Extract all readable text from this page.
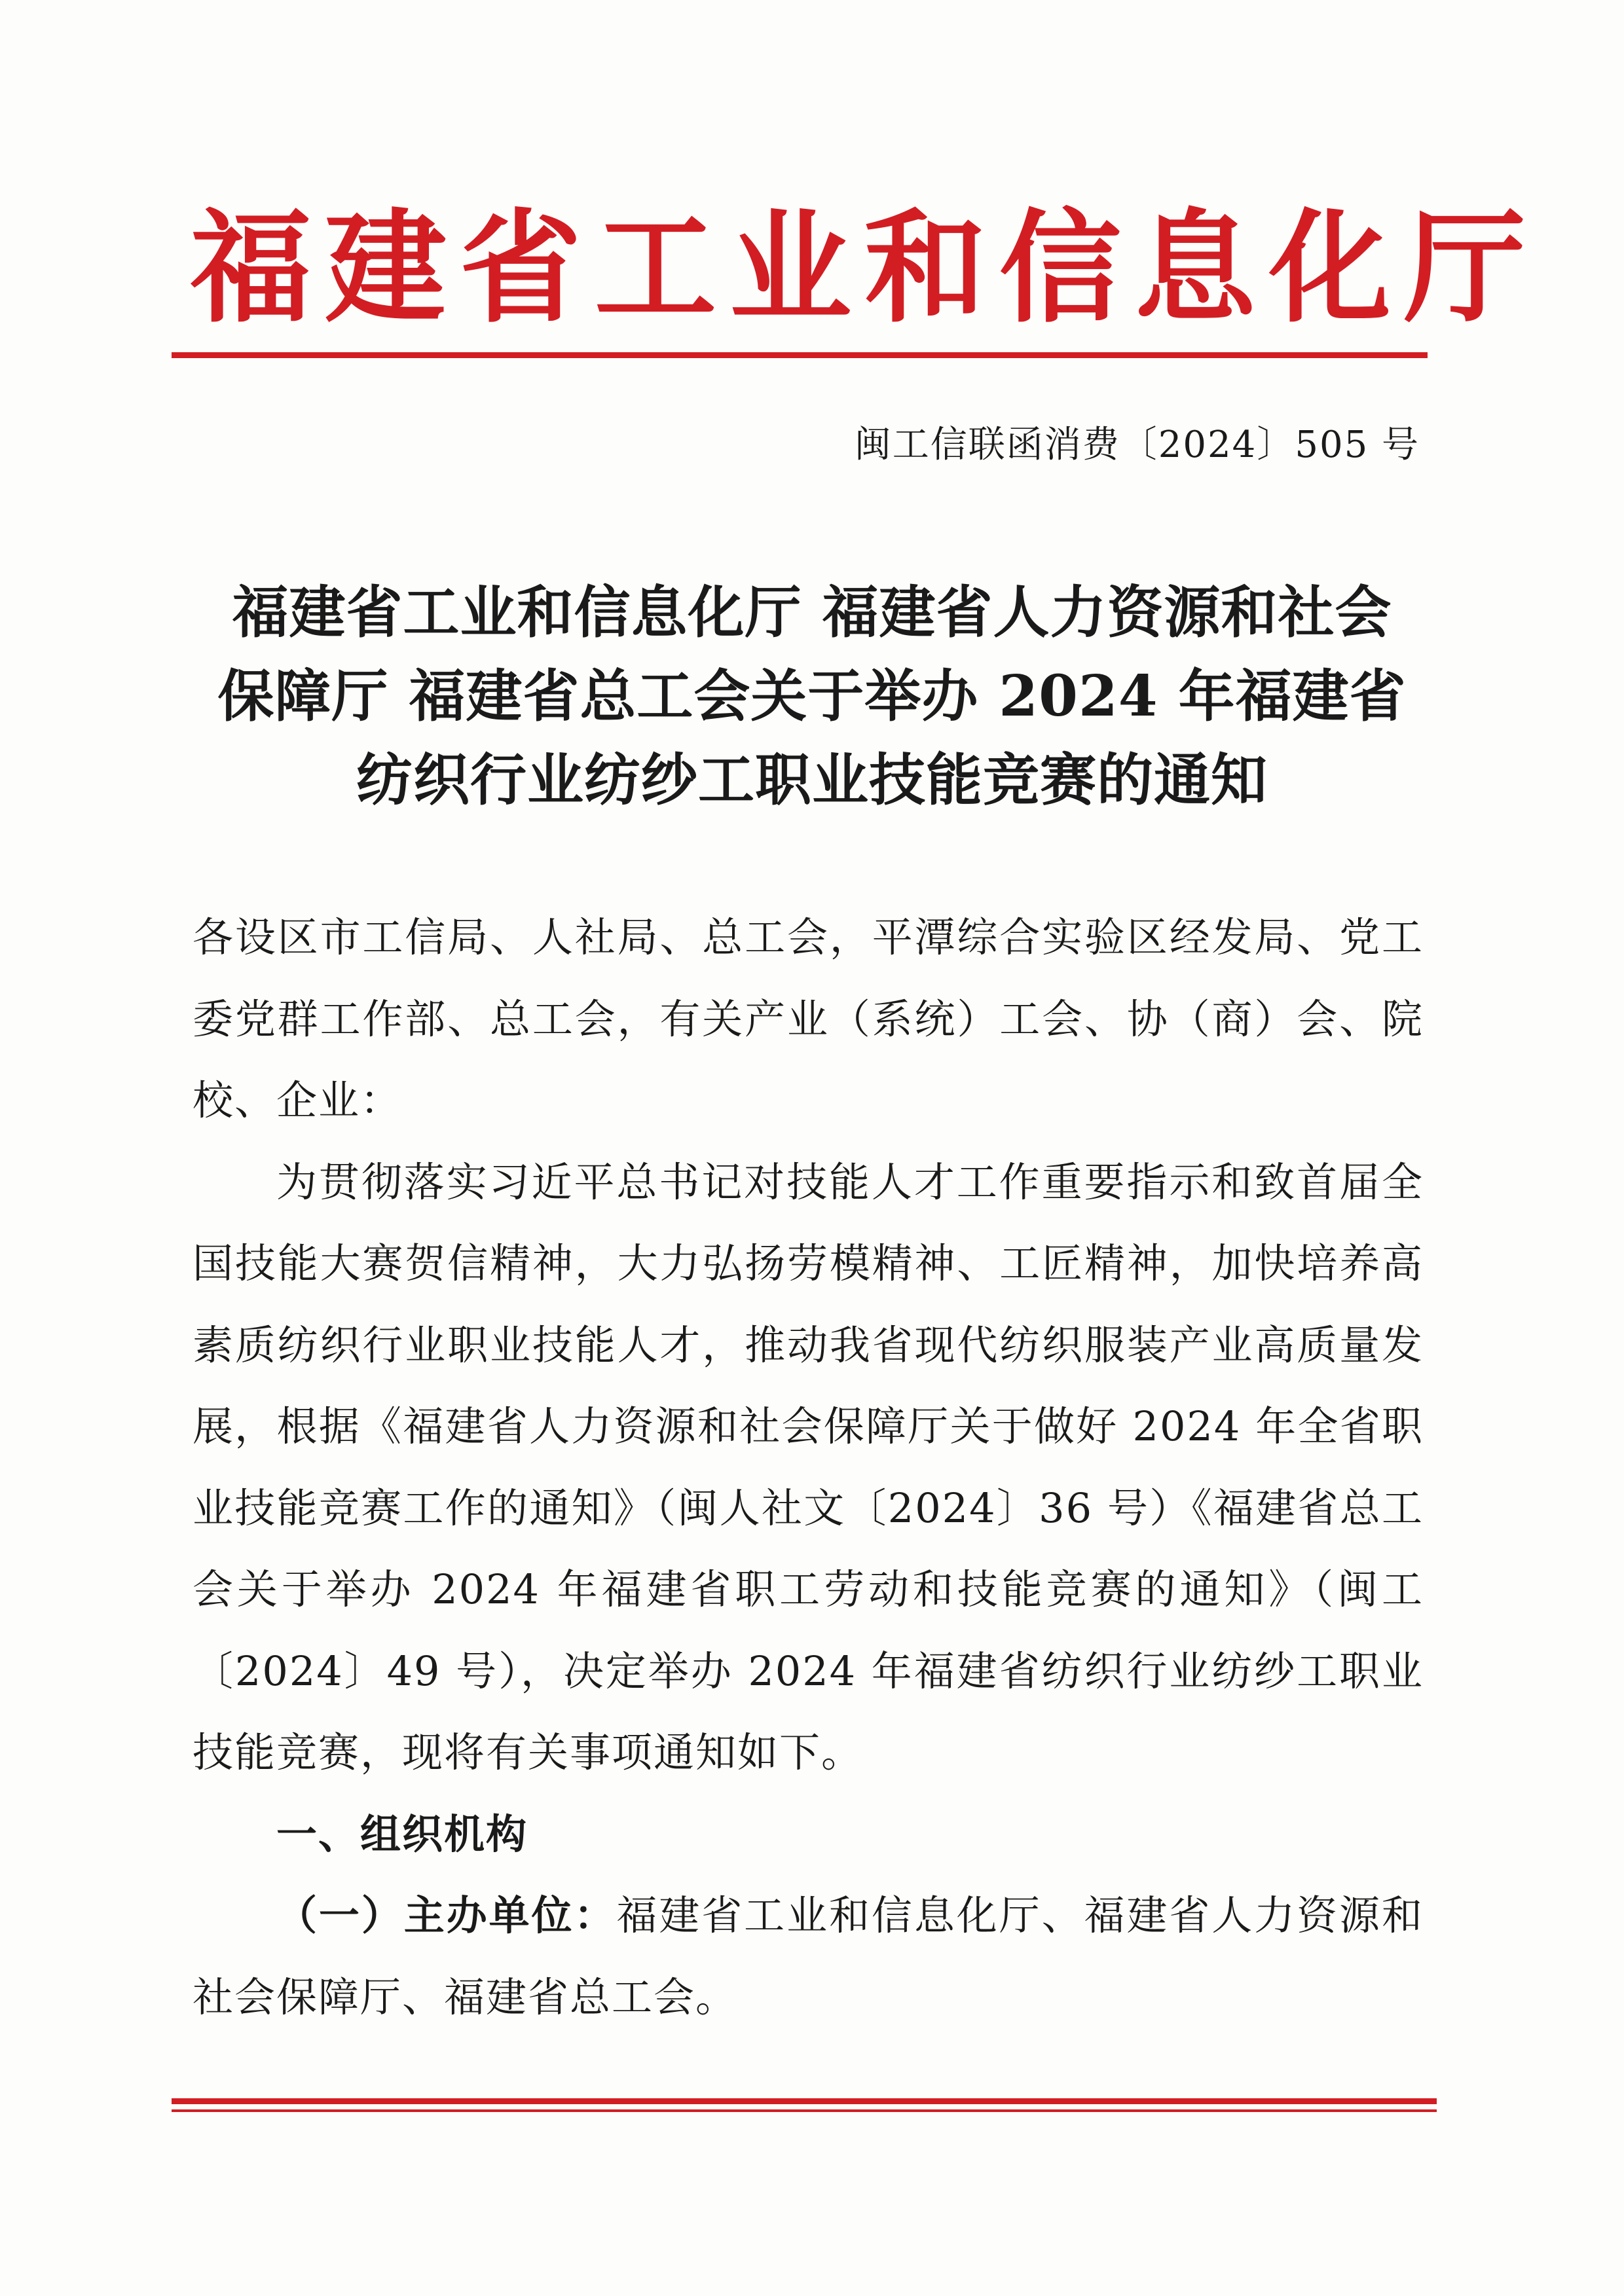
福建省工业和信息化厅
闽工信联函消费〔2024〕505 号
福建省工业和信息化厅 福建省人力资源和社会
保障厅 福建省总工会关于举办 2024 年福建省
纺织行业纺纱工职业技能竞赛的通知

各设区市工信局、人社局、总工会，平潭综合实验区经发局、党工委党群工作部、总工会，有关产业（系统）工会、协（商）会、院校、企业：

为贯彻落实习近平总书记对技能人才工作重要指示和致首届全国技能大赛贺信精神，大力弘扬劳模精神、工匠精神，加快培养高素质纺织行业职业技能人才，推动我省现代纺织服装产业高质量发展，根据《福建省人力资源和社会保障厅关于做好 2024 年全省职业技能竞赛工作的通知》（闽人社文〔2024〕36 号）《福建省总工会关于举办 2024 年福建省职工劳动和技能竞赛的通知》（闽工〔2024〕49 号），决定举办 2024 年福建省纺织行业纺纱工职业技能竞赛，现将有关事项通知如下。

一、组织机构

（一）主办单位：福建省工业和信息化厅、福建省人力资源和社会保障厅、福建省总工会。
